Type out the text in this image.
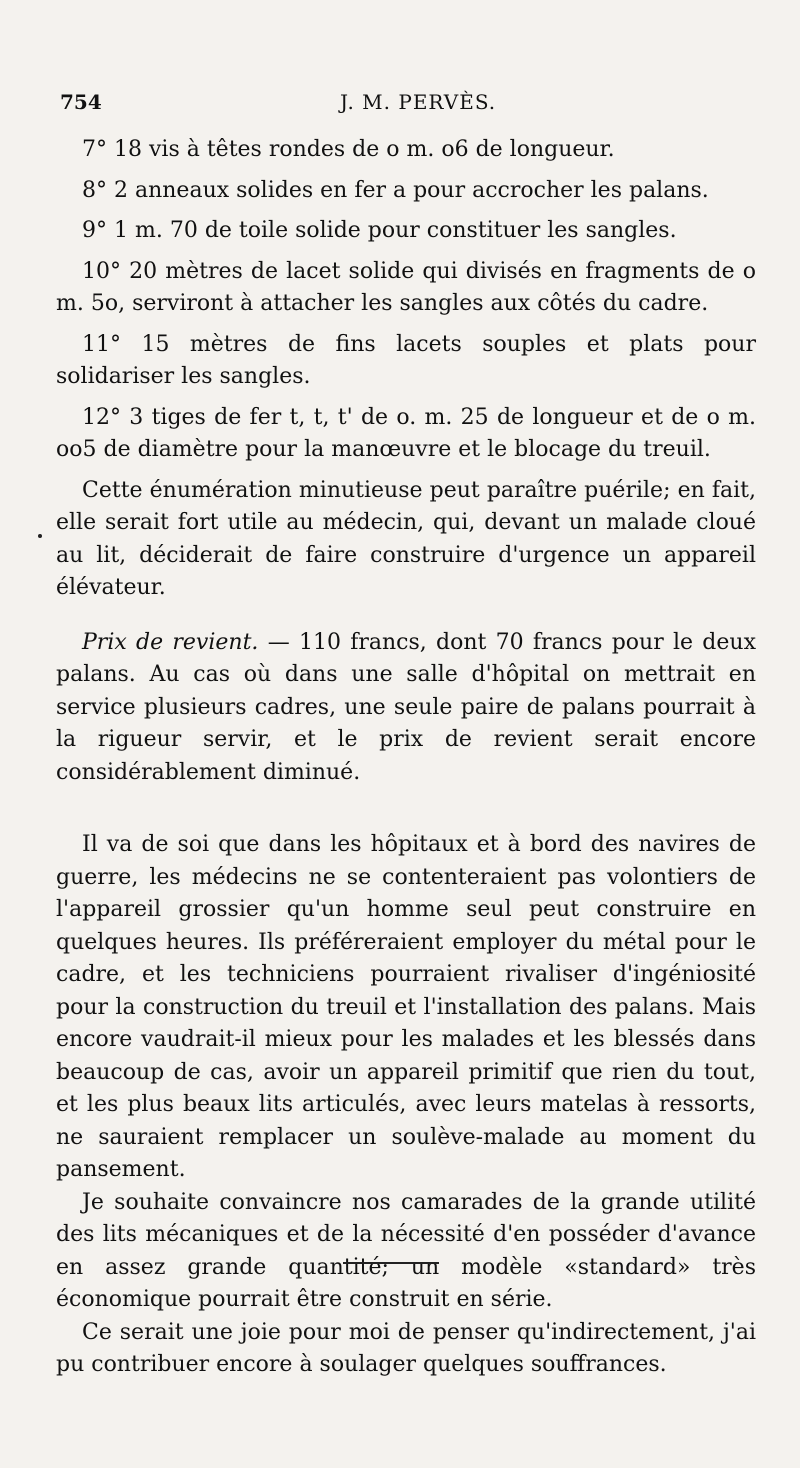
754	J. M. PERVÈS.

7° 18 vis à têtes rondes de o m. o6 de longueur.

8° 2 anneaux solides en fer a pour accrocher les palans.

9° 1 m. 70 de toile solide pour constituer les sangles.

10° 20 mètres de lacet solide qui divisés en fragments de o m. 5o, serviront à attacher les sangles aux côtés du cadre.

11° 15 mètres de fins lacets souples et plats pour solidariser les sangles.

12° 3 tiges de fer t, t, t' de o. m. 25 de longueur et de o m. oo5 de diamètre pour la manœuvre et le blocage du treuil.

Cette énumération minutieuse peut paraître puérile; en fait, elle serait fort utile au médecin, qui, devant un malade cloué au lit, déciderait de faire construire d'urgence un appareil élévateur.

Prix de revient. — 110 francs, dont 70 francs pour le deux palans. Au cas où dans une salle d'hôpital on mettrait en service plusieurs cadres, une seule paire de palans pourrait à la rigueur servir, et le prix de revient serait encore considérablement diminué.

Il va de soi que dans les hôpitaux et à bord des navires de guerre, les médecins ne se contenteraient pas volontiers de l'appareil grossier qu'un homme seul peut construire en quelques heures. Ils préféreraient employer du métal pour le cadre, et les techniciens pourraient rivaliser d'ingéniosité pour la construction du treuil et l'installation des palans. Mais encore vaudrait-il mieux pour les malades et les blessés dans beaucoup de cas, avoir un appareil primitif que rien du tout, et les plus beaux lits articulés, avec leurs matelas à ressorts, ne sauraient remplacer un soulève-malade au moment du pansement.

Je souhaite convaincre nos camarades de la grande utilité des lits mécaniques et de la nécessité d'en posséder d'avance en assez grande quantité; un modèle «standard» très économique pourrait être construit en série.

Ce serait une joie pour moi de penser qu'indirectement, j'ai pu contribuer encore à soulager quelques souffrances.
